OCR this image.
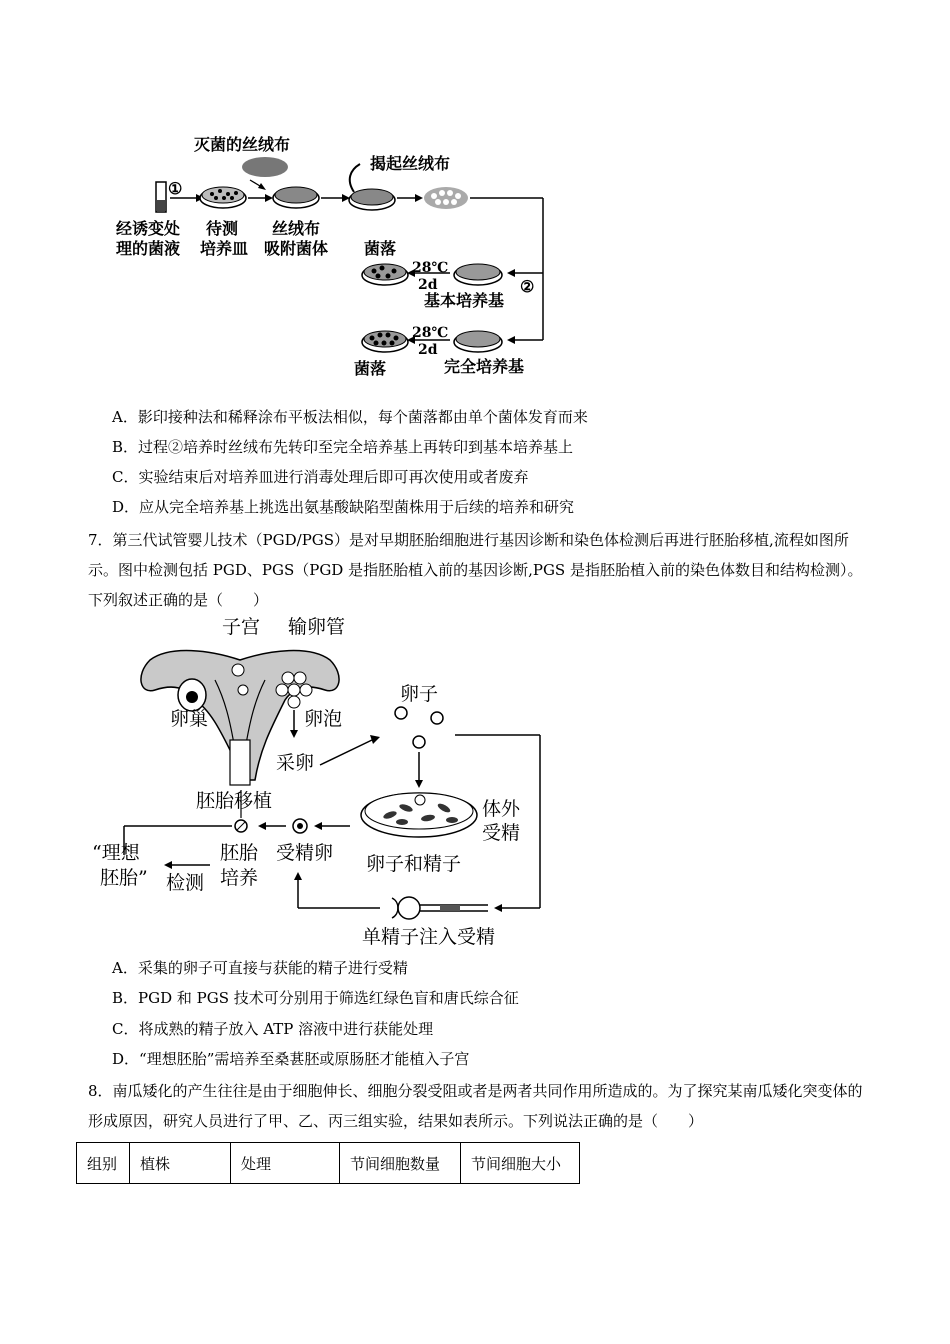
灭菌的丝绒布
①
经诱变处
理的菌液
待测
培养皿
丝绒布
吸附菌体
揭起丝绒布
菌落
28℃
2d
基本培养基
②
28℃
2d
菌落	完全培养基
A．影印接种法和稀释涂布平板法相似，每个菌落都由单个菌体发育而来
B．过程②培养时丝绒布先转印至完全培养基上再转印到基本培养基上
C．实验结束后对培养皿进行消毒处理后即可再次使用或者废弃
D．应从完全培养基上挑选出氨基酸缺陷型菌株用于后续的培养和研究
7．第三代试管婴儿技术（PGD/PGS）是对早期胚胎细胞进行基因诊断和染色体检测后再进行胚胎移植,流程如图所示。图中检测包括 PGD、PGS（PGD 是指胚胎植入前的基因诊断,PGS 是指胚胎植入前的染色体数目和结构检测）。下列叙述正确的是（　　）
子宫 输卵管
卵巢	卵泡
卵子
采卵
胚胎移植	体外
受精
卵子和精子
“理想
胚胎”
胚胎
培养
受精卵
检测
单精子注入受精
A．采集的卵子可直接与获能的精子进行受精
B．PGD 和 PGS 技术可分别用于筛选红绿色盲和唐氏综合征
C．将成熟的精子放入 ATP 溶液中进行获能处理
D．“理想胚胎”需培养至桑葚胚或原肠胚才能植入子宫
8．南瓜矮化的产生往往是由于细胞伸长、细胞分裂受阻或者是两者共同作用所造成的。为了探究某南瓜矮化突变体的形成原因，研究人员进行了甲、乙、丙三组实验，结果如表所示。下列说法正确的是（　　）
组别	植株	处理	节间细胞数量	节间细胞大小
